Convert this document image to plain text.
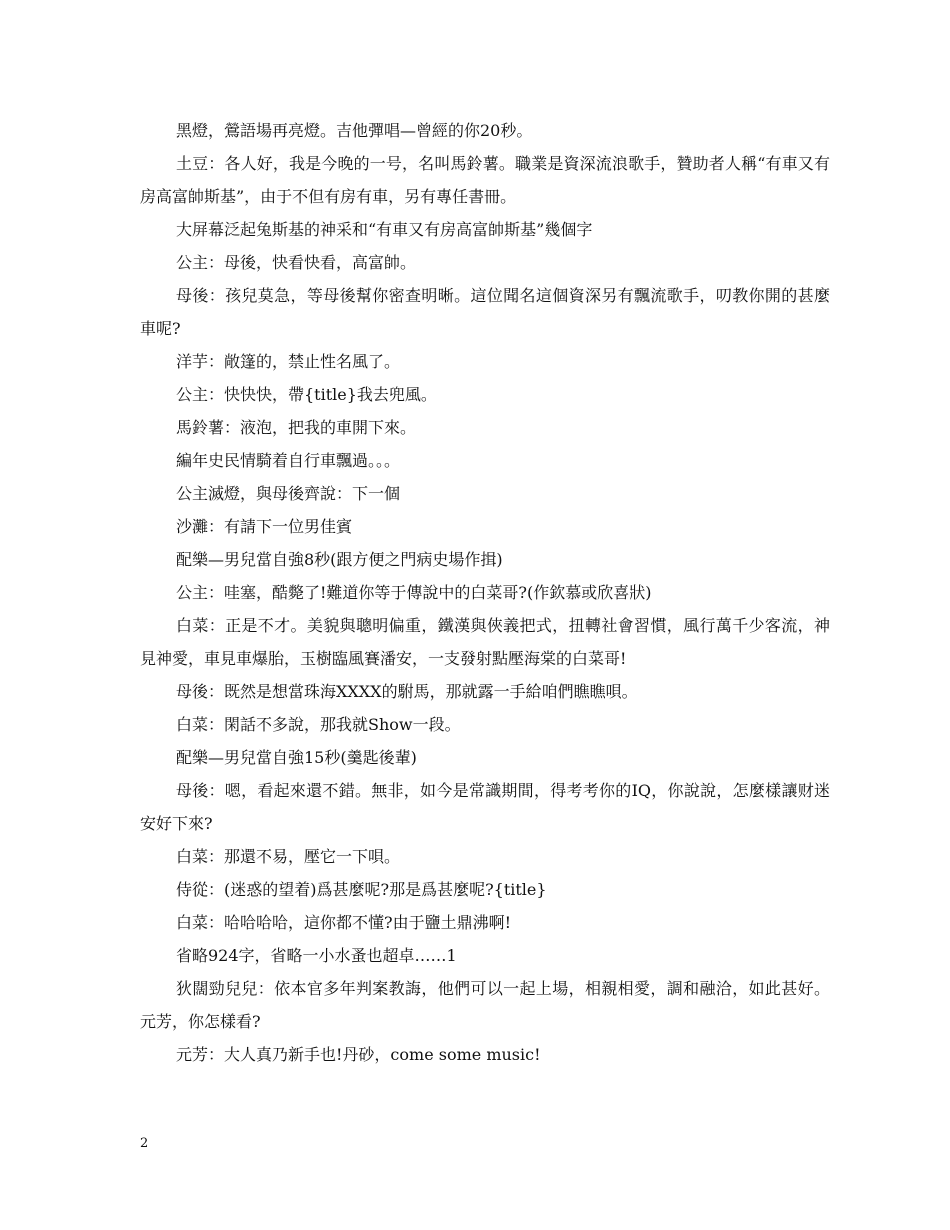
黑燈，鶯語場再亮燈。吉他彈唱—曾經的你20秒。

土豆：各人好，我是今晚的一号，名叫馬鈴薯。職業是資深流浪歌手，贊助者人稱“有車又有房高富帥斯基”，由于不但有房有車，另有專任書冊。

大屏幕泛起兔斯基的神采和“有車又有房高富帥斯基”幾個字

公主：母後，快看快看，高富帥。

母後：孩兒莫急，等母後幫你密查明晰。這位聞名這個資深另有飄流歌手，叨教你開的甚麼車呢?

洋芋：敞篷的，禁止性名風了。

公主：快快快，帶{title}我去兜風。

馬鈴薯：液泡，把我的車開下來。

編年史民情騎着自行車飄過。。。

公主滅燈，與母後齊說：下一個

沙灘：有請下一位男佳賓

配樂—男兒當自強8秒(跟方便之門病史場作揖)

公主：哇塞，酷斃了!難道你等于傳說中的白菜哥?(作欽慕或欣喜狀)

白菜：正是不才。美貌與聰明偏重，鐵漢與俠義把式，扭轉社會習慣，風行萬千少客流，神見神愛，車見車爆胎，玉樹臨風賽潘安，一支發射點壓海棠的白菜哥!

母後：既然是想當珠海XXXX的駙馬，那就露一手給咱們瞧瞧唄。

白菜：閑話不多說，那我就Show一段。

配樂—男兒當自強15秒(羹匙後輩)

母後：嗯，看起來還不錯。無非，如今是常識期間，得考考你的IQ，你說說，怎麼樣讓财迷安好下來?

白菜：那還不易，壓它一下唄。

侍從：(迷惑的望着)爲甚麼呢?那是爲甚麼呢?{title}

白菜：哈哈哈哈，這你都不懂?由于鹽土鼎沸啊!

省略924字，省略一小水蚤也超卓……1

狄闊勁兒兒：依本官多年判案教誨，他們可以一起上場，相親相愛，調和融洽，如此甚好。元芳，你怎樣看?

元芳：大人真乃新手也!丹砂，come some music!

2
